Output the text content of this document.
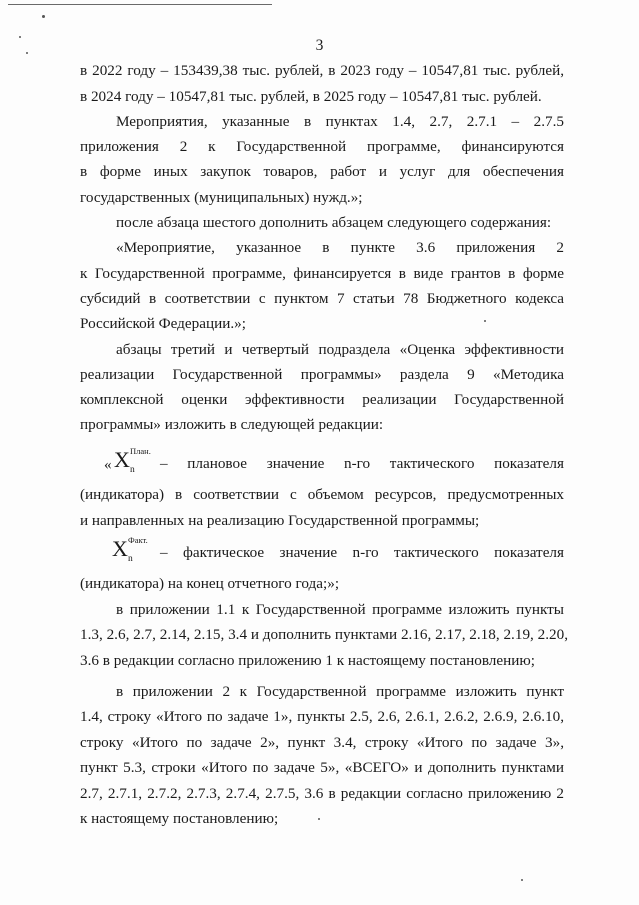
3
в 2022 году – 153439,38 тыс. рублей, в 2023 году – 10547,81 тыс. рублей,
в 2024 году – 10547,81 тыс. рублей, в 2025 году – 10547,81 тыс. рублей.
Мероприятия, указанные в пунктах 1.4, 2.7, 2.7.1 – 2.7.5
приложения 2 к Государственной программе, финансируются
в форме иных закупок товаров, работ и услуг для обеспечения
государственных (муниципальных) нужд.»;
после абзаца шестого дополнить абзацем следующего содержания:
«Мероприятие, указанное в пункте 3.6 приложения 2
к Государственной программе, финансируется в виде грантов в форме
субсидий в соответствии с пунктом 7 статьи 78 Бюджетного кодекса
Российской Федерации.»;
абзацы третий и четвертый подраздела «Оценка эффективности
реализации Государственной программы» раздела 9 «Методика
комплексной оценки эффективности реализации Государственной
программы» изложить в следующей редакции:
« X План.
n – плановое значение n-го тактического показателя
(индикатора) в соответствии с объемом ресурсов, предусмотренных
и направленных на реализацию Государственной программы;
X Факт.
n – фактическое значение n-го тактического показателя
(индикатора) на конец отчетного года;»;
в приложении 1.1 к Государственной программе изложить пункты
1.3, 2.6, 2.7, 2.14, 2.15, 3.4 и дополнить пунктами 2.16, 2.17, 2.18, 2.19, 2.20,
3.6 в редакции согласно приложению 1 к настоящему постановлению;
в приложении 2 к Государственной программе изложить пункт
1.4, строку «Итого по задаче 1», пункты 2.5, 2.6, 2.6.1, 2.6.2, 2.6.9, 2.6.10,
строку «Итого по задаче 2», пункт 3.4, строку «Итого по задаче 3»,
пункт 5.3, строки «Итого по задаче 5», «ВСЕГО» и дополнить пунктами
2.7, 2.7.1, 2.7.2, 2.7.3, 2.7.4, 2.7.5, 3.6 в редакции согласно приложению 2
к настоящему постановлению;
